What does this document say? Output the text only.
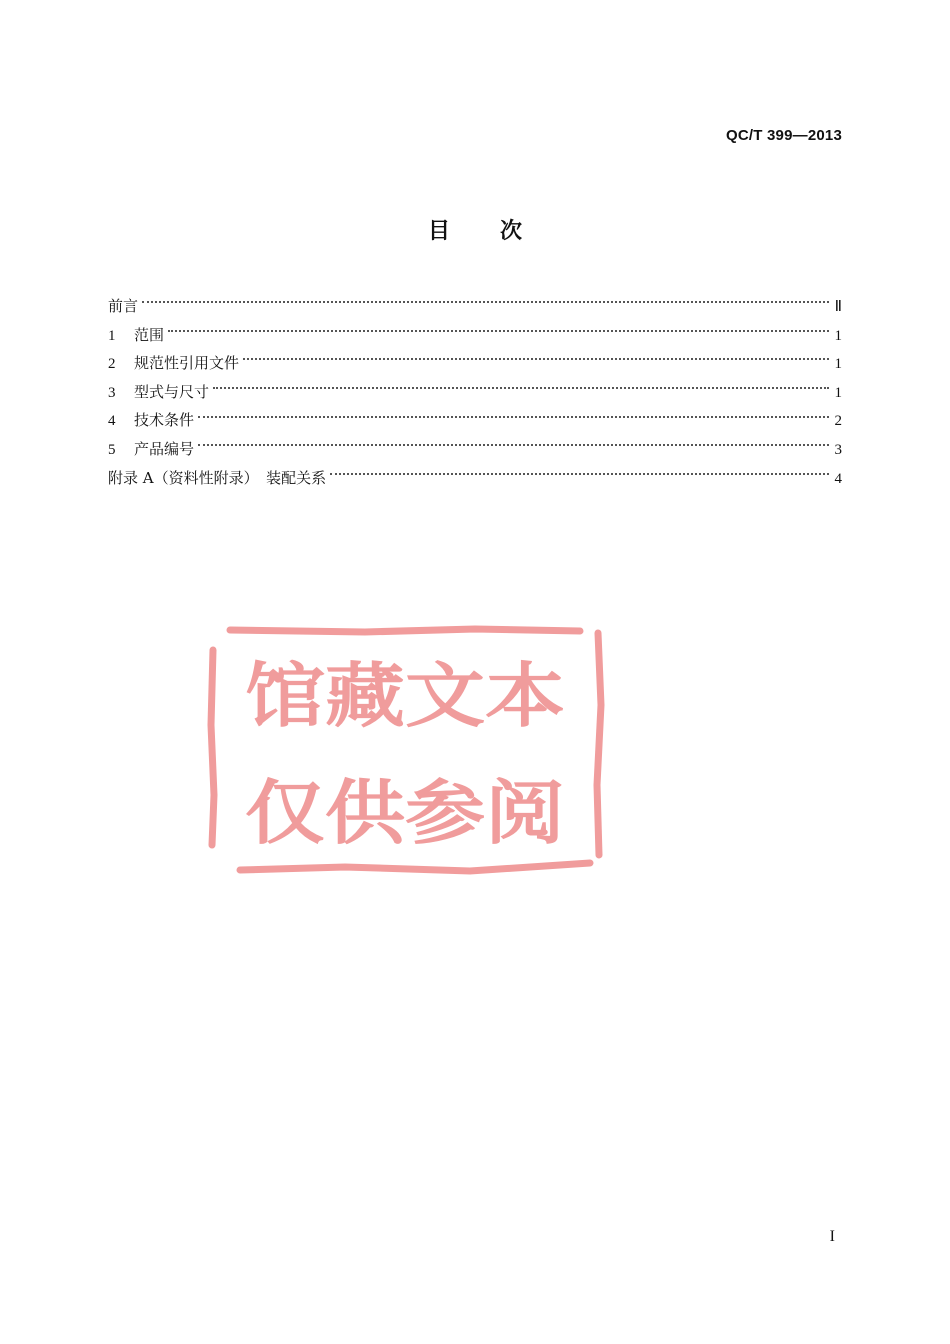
QC/T 399—2013
目 次
前言	Ⅱ
1	范围	1
2	规范性引用文件	1
3	型式与尺寸	1
4	技术条件	2
5	产品编号	3
附录 A（资料性附录）　装配关系	4
馆藏文本
仅供参阅
I
